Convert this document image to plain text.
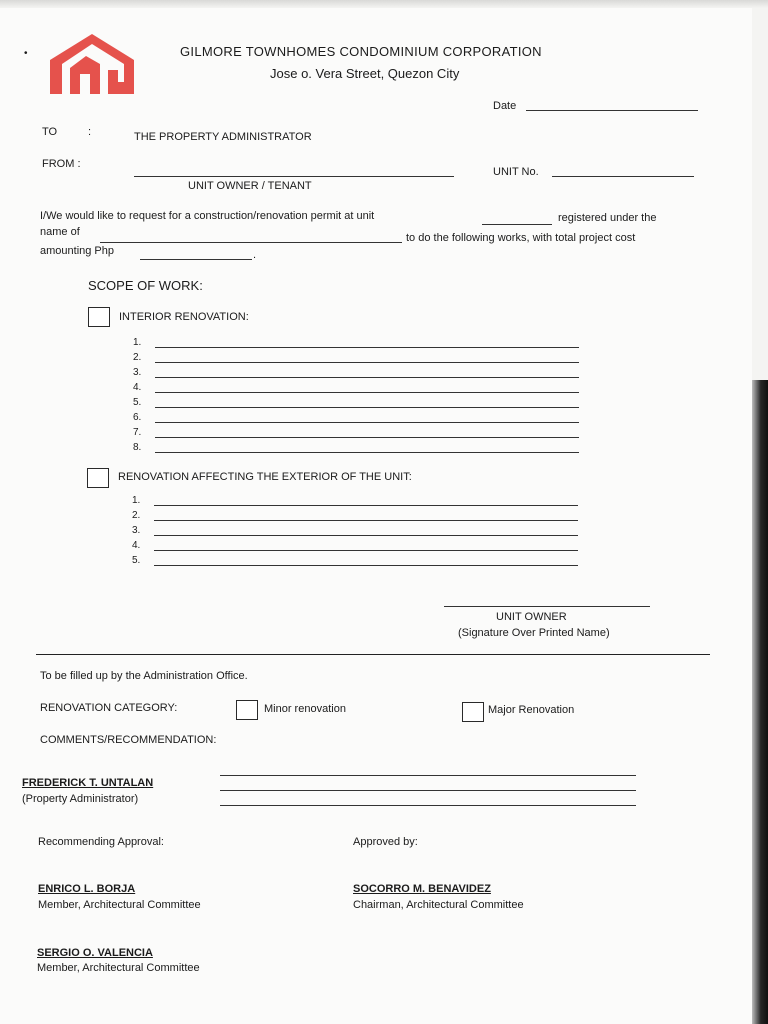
•	GILMORE TOWNHOMES CONDOMINIUM CORPORATION
Jose o. Vera Street, Quezon City
Date
TO	:	THE PROPERTY ADMINISTRATOR
FROM :
UNIT OWNER / TENANT
UNIT No.
I/We would like to request for a construction/renovation permit at unit	registered under the
name of	to do the following works, with total project cost
amounting Php	.
SCOPE OF WORK:
INTERIOR RENOVATION:
1.
2.
3.
4.
5.
6.
7.
8.
RENOVATION AFFECTING THE EXTERIOR OF THE UNIT:
1.
2.
3.
4.
5.
UNIT OWNER
(Signature Over Printed Name)
To be filled up by the Administration Office.
RENOVATION CATEGORY:	Minor renovation	Major Renovation
COMMENTS/RECOMMENDATION:
FREDERICK T. UNTALAN
(Property Administrator)
Recommending Approval:	Approved by:
ENRICO L. BORJA
Member, Architectural Committee
SOCORRO M. BENAVIDEZ
Chairman, Architectural Committee
SERGIO O. VALENCIA
Member, Architectural Committee
